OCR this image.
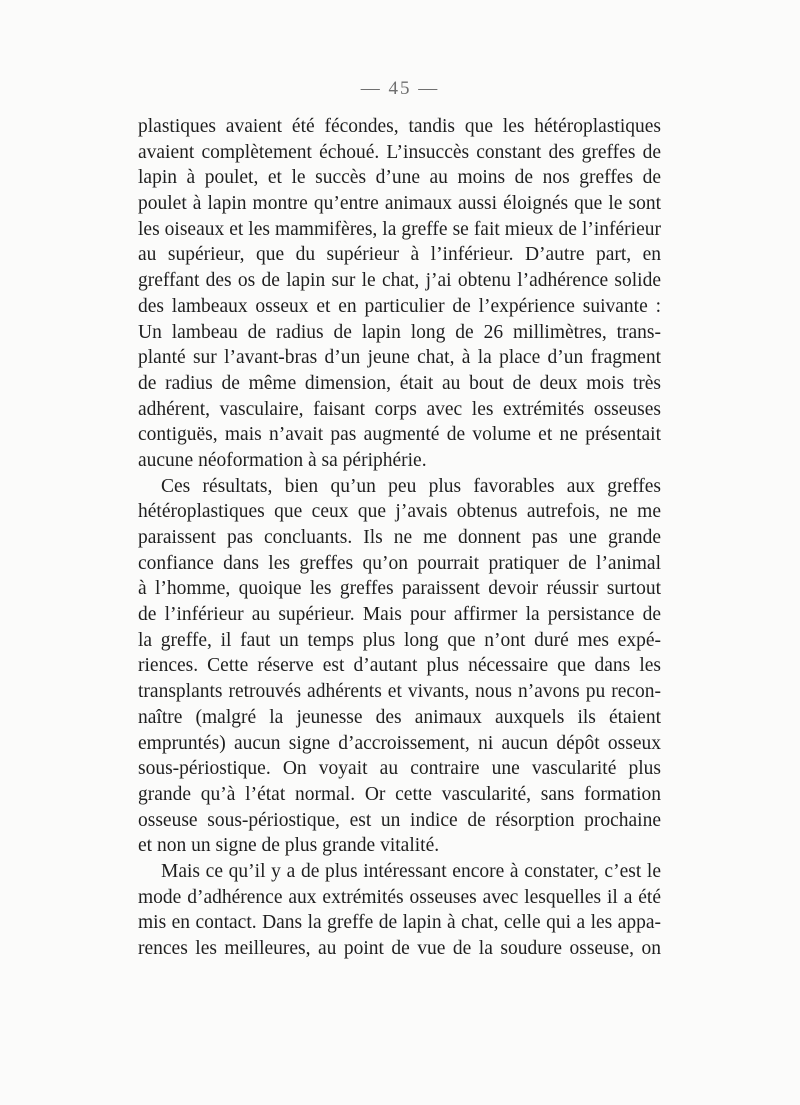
— 45 —
plastiques avaient été fécondes, tandis que les hétéroplastiques
avaient complètement échoué. L’insuccès constant des greffes de
lapin à poulet, et le succès d’une au moins de nos greffes de
poulet à lapin montre qu’entre animaux aussi éloignés que le sont
les oiseaux et les mammifères, la greffe se fait mieux de l’inférieur
au supérieur, que du supérieur à l’inférieur. D’autre part, en
greffant des os de lapin sur le chat, j’ai obtenu l’adhérence solide
des lambeaux osseux et en particulier de l’expérience suivante :
Un lambeau de radius de lapin long de 26 millimètres, trans-
planté sur l’avant-bras d’un jeune chat, à la place d’un fragment
de radius de même dimension, était au bout de deux mois très
adhérent, vasculaire, faisant corps avec les extrémités osseuses
contiguës, mais n’avait pas augmenté de volume et ne présentait
aucune néoformation à sa périphérie.
Ces résultats, bien qu’un peu plus favorables aux greffes
hétéroplastiques que ceux que j’avais obtenus autrefois, ne me
paraissent pas concluants. Ils ne me donnent pas une grande
confiance dans les greffes qu’on pourrait pratiquer de l’animal
à l’homme, quoique les greffes paraissent devoir réussir surtout
de l’inférieur au supérieur. Mais pour affirmer la persistance de
la greffe, il faut un temps plus long que n’ont duré mes expé-
riences. Cette réserve est d’autant plus nécessaire que dans les
transplants retrouvés adhérents et vivants, nous n’avons pu recon-
naître (malgré la jeunesse des animaux auxquels ils étaient
empruntés) aucun signe d’accroissement, ni aucun dépôt osseux
sous-périostique. On voyait au contraire une vascularité plus
grande qu’à l’état normal. Or cette vascularité, sans formation
osseuse sous-périostique, est un indice de résorption prochaine
et non un signe de plus grande vitalité.
Mais ce qu’il y a de plus intéressant encore à constater, c’est le
mode d’adhérence aux extrémités osseuses avec lesquelles il a été
mis en contact. Dans la greffe de lapin à chat, celle qui a les appa-
rences les meilleures, au point de vue de la soudure osseuse, on
